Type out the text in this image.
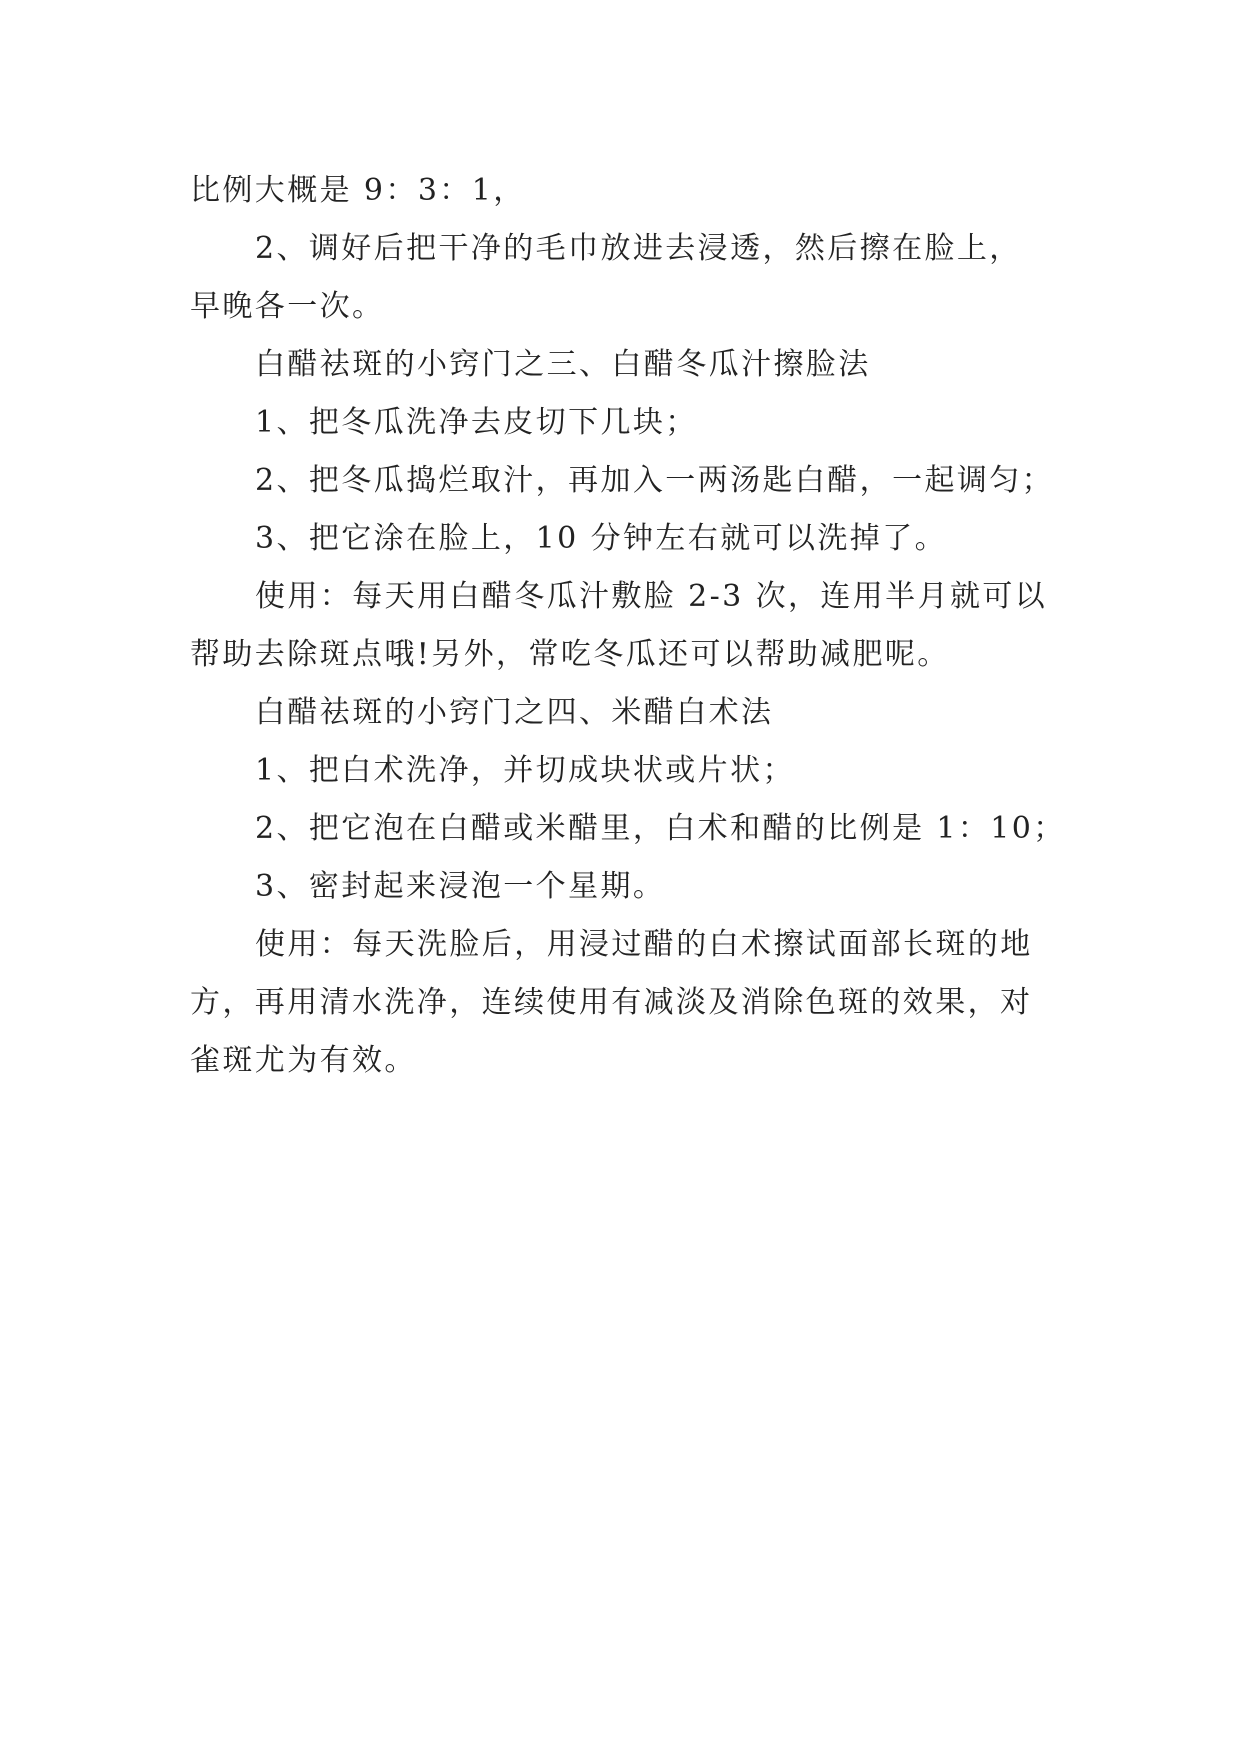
比例大概是 9：3：1，

2、调好后把干净的毛巾放进去浸透，然后擦在脸上，

早晚各一次。

白醋祛斑的小窍门之三、白醋冬瓜汁擦脸法

1、把冬瓜洗净去皮切下几块；

2、把冬瓜捣烂取汁，再加入一两汤匙白醋，一起调匀；

3、把它涂在脸上，10 分钟左右就可以洗掉了。

使用：每天用白醋冬瓜汁敷脸 2-3 次，连用半月就可以

帮助去除斑点哦!另外，常吃冬瓜还可以帮助减肥呢。

白醋祛斑的小窍门之四、米醋白术法

1、把白术洗净，并切成块状或片状；

2、把它泡在白醋或米醋里，白术和醋的比例是 1：10；

3、密封起来浸泡一个星期。

使用：每天洗脸后，用浸过醋的白术擦试面部长斑的地

方，再用清水洗净，连续使用有减淡及消除色斑的效果，对

雀斑尤为有效。
